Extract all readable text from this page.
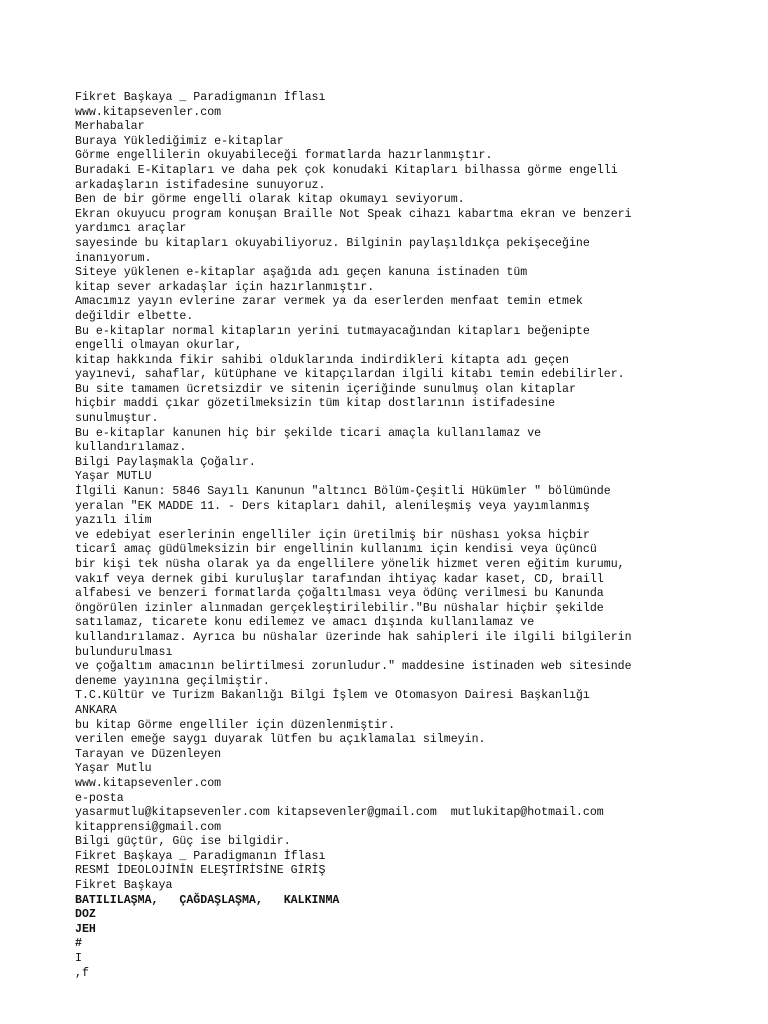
Fikret Başkaya _ Paradigmanın İflası
www.kitapsevenler.com
Merhabalar
Buraya Yüklediğimiz e-kitaplar
Görme engellilerin okuyabileceği formatlarda hazırlanmıştır.
Buradaki E-Kitapları ve daha pek çok konudaki Kitapları bilhassa görme engelli
arkadaşların istifadesine sunuyoruz.
Ben de bir görme engelli olarak kitap okumayı seviyorum.
Ekran okuyucu program konuşan Braille Not Speak cihazı kabartma ekran ve benzeri
yardımcı araçlar
sayesinde bu kitapları okuyabiliyoruz. Bilginin paylaşıldıkça pekişeceğine
inanıyorum.
Siteye yüklenen e-kitaplar aşağıda adı geçen kanuna istinaden tüm
kitap sever arkadaşlar için hazırlanmıştır.
Amacımız yayın evlerine zarar vermek ya da eserlerden menfaat temin etmek
değildir elbette.
Bu e-kitaplar normal kitapların yerini tutmayacağından kitapları beğenipte
engelli olmayan okurlar,
kitap hakkında fikir sahibi olduklarında indirdikleri kitapta adı geçen
yayınevi, sahaflar, kütüphane ve kitapçılardan ilgili kitabı temin edebilirler.
Bu site tamamen ücretsizdir ve sitenin içeriğinde sunulmuş olan kitaplar
hiçbir maddi çıkar gözetilmeksizin tüm kitap dostlarının istifadesine
sunulmuştur.
Bu e-kitaplar kanunen hiç bir şekilde ticari amaçla kullanılamaz ve
kullandırılamaz.
Bilgi Paylaşmakla Çoğalır.
Yaşar MUTLU
İlgili Kanun: 5846 Sayılı Kanunun "altıncı Bölüm-Çeşitli Hükümler " bölümünde
yeralan "EK MADDE 11. - Ders kitapları dahil, alenileşmiş veya yayımlanmış
yazılı ilim
ve edebiyat eserlerinin engelliler için üretilmiş bir nüshası yoksa hiçbir
ticarî amaç güdülmeksizin bir engellinin kullanımı için kendisi veya üçüncü
bir kişi tek nüsha olarak ya da engellilere yönelik hizmet veren eğitim kurumu,
vakıf veya dernek gibi kuruluşlar tarafından ihtiyaç kadar kaset, CD, braill
alfabesi ve benzeri formatlarda çoğaltılması veya ödünç verilmesi bu Kanunda
öngörülen izinler alınmadan gerçekleştirilebilir."Bu nüshalar hiçbir şekilde
satılamaz, ticarete konu edilemez ve amacı dışında kullanılamaz ve
kullandırılamaz. Ayrıca bu nüshalar üzerinde hak sahipleri ile ilgili bilgilerin
bulundurulması
ve çoğaltım amacının belirtilmesi zorunludur." maddesine istinaden web sitesinde
deneme yayınına geçilmiştir.
T.C.Kültür ve Turizm Bakanlığı Bilgi İşlem ve Otomasyon Dairesi Başkanlığı
ANKARA
bu kitap Görme engelliler için düzenlenmiştir.
verilen emeğe saygı duyarak lütfen bu açıklamalaı silmeyin.
Tarayan ve Düzenleyen
Yaşar Mutlu
www.kitapsevenler.com
e-posta
yasarmutlu@kitapsevenler.com kitapsevenler@gmail.com  mutlukitap@hotmail.com
kitapprensi@gmail.com
Bilgi güçtür, Güç ise bilgidir.
Fikret Başkaya _ Paradigmanın İflası
RESMİ İDEOLOJİNİN ELEŞTİRİSİNE GİRİŞ
Fikret Başkaya
BATILILAŞMA,   ÇAĞDAŞLAŞMA,   KALKINMA
DOZ
JEH
#
I
,f
